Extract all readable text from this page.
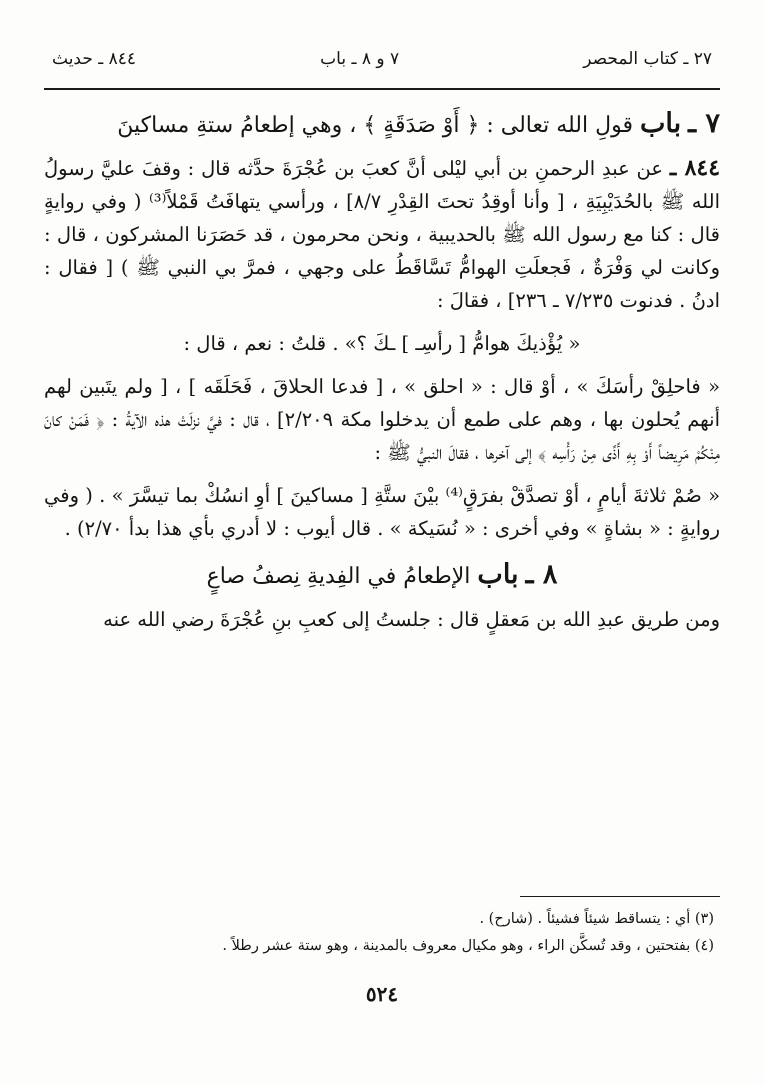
٢٧ ـ كتاب المحصر
٧ و ٨ ـ باب
٨٤٤ ـ حديث

٧ ـ باب قولِ الله تعالى : ﴿ أَوْ صَدَقَةٍ ﴾ ، وهي إطعامُ ستةِ مساكينَ

٨٤٤ ـ عن عبدِ الرحمنِ بن أبي ليْلى أنَّ كعبَ بن عُجْرَةَ حدَّثه قال : وقفَ عليَّ رسولُ الله ﷺ بالحُدَيْبِيَةِ ، [ وأنا أوقِدُ تحتَ القِدْرِ ٨/٧] ، ورأسي يتهافَتُ قَمْلاً⁽³⁾ ( وفي روايةٍ قال : كنا مع رسول الله ﷺ بالحديبية ، ونحن محرمون ، قد حَصَرَنا المشركون ، قال : وكانت لي وَفْرَةٌ ، فَجعلَتِ الهوامُّ تَسَّاقَطُ على وجهي ، فمرَّ بي النبي ﷺ ) [ فقال : ادنُ . فدنوت ٧/٢٣٥ ـ ٢٣٦] ، فقالَ :

« يُؤْذيكَ هوامُّ [ رأسِـ ] ـكَ ؟» . قلتُ : نعم ، قال :

« فاحلِقْ رأسَكَ » ، أوْ قال : « احلق » ، [ فدعا الحلاقَ ، فَحَلَقَه ] ، [ ولم يتَبين لهم أنهم يُحلون بها ، وهم على طمع أن يدخلوا مكة ٢/٢٠٩] ، قال : فيَّ نزلَتْ هذه الآيةُ : ﴿ فَمَنْ كانَ مِنْكُمْ مَرِيضاً أَوْ بِهِ أَذًى مِنْ رَأْسِه ﴾ إلى آخرها ، فقالَ النبيُّ ﷺ :

« صُمْ ثلاثةَ أيامٍ ، أوْ تصدَّقْ بفرَقٍ⁽⁴⁾ بيْنَ ستَّةِ [ مساكينَ ] أوِ انسُكْ بما تيسَّرَ » . ( وفي روايةٍ : « بشاةٍ » وفي أخرى : « نُسَيكة » . قال أيوب : لا أدري بأي هذا بدأ ٢/٧٠) .

٨ ـ باب الإطعامُ في الفِديةِ نِصفُ صاعٍ

ومن طريق عبدِ الله بن مَعقلٍ قال : جلستُ إلى كعبِ بنِ عُجْرَةَ رضي الله عنه

(٣) أي : يتساقط شيئاً فشيئاً . (شارح) .

(٤) بفتحتين ، وقد تُسكَّن الراء ، وهو مكيال معروف بالمدينة ، وهو ستة عشر رطلاً .

٥٢٤
